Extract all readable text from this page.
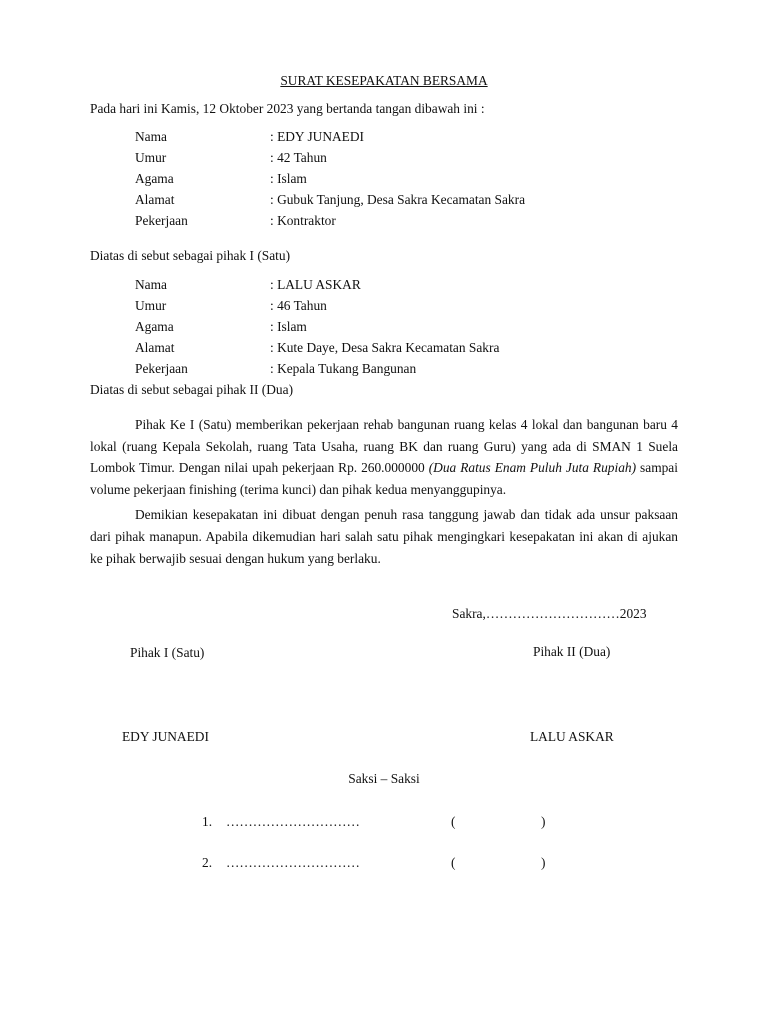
SURAT KESEPAKATAN BERSAMA
Pada hari ini Kamis, 12 Oktober 2023 yang bertanda tangan dibawah ini :
Nama	: EDY JUNAEDI
Umur	: 42 Tahun
Agama	: Islam
Alamat	: Gubuk Tanjung, Desa Sakra Kecamatan Sakra
Pekerjaan	: Kontraktor
Diatas di sebut sebagai pihak I (Satu)
Nama	: LALU ASKAR
Umur	: 46 Tahun
Agama	: Islam
Alamat	: Kute Daye, Desa Sakra Kecamatan Sakra
Pekerjaan	: Kepala Tukang Bangunan
Diatas di sebut sebagai pihak II (Dua)

Pihak Ke I (Satu) memberikan pekerjaan rehab bangunan ruang kelas 4 lokal dan bangunan baru 4 lokal (ruang Kepala Sekolah, ruang Tata Usaha, ruang BK dan ruang Guru) yang ada di SMAN 1 Suela Lombok Timur. Dengan nilai upah pekerjaan Rp. 260.000000 (Dua Ratus Enam Puluh Juta Rupiah) sampai volume pekerjaan finishing (terima kunci) dan pihak kedua menyanggupinya.

Demikian kesepakatan ini dibuat dengan penuh rasa tanggung jawab dan tidak ada unsur paksaan dari pihak manapun. Apabila dikemudian hari salah satu pihak mengingkari kesepakatan ini akan di ajukan ke pihak berwajib sesuai dengan hukum yang berlaku.

Sakra,…………………………2023
Pihak I (Satu)	Pihak II (Dua)
EDY JUNAEDI	LALU ASKAR
Saksi – Saksi
1. …………………………	(	)
2. …………………………	(	)
